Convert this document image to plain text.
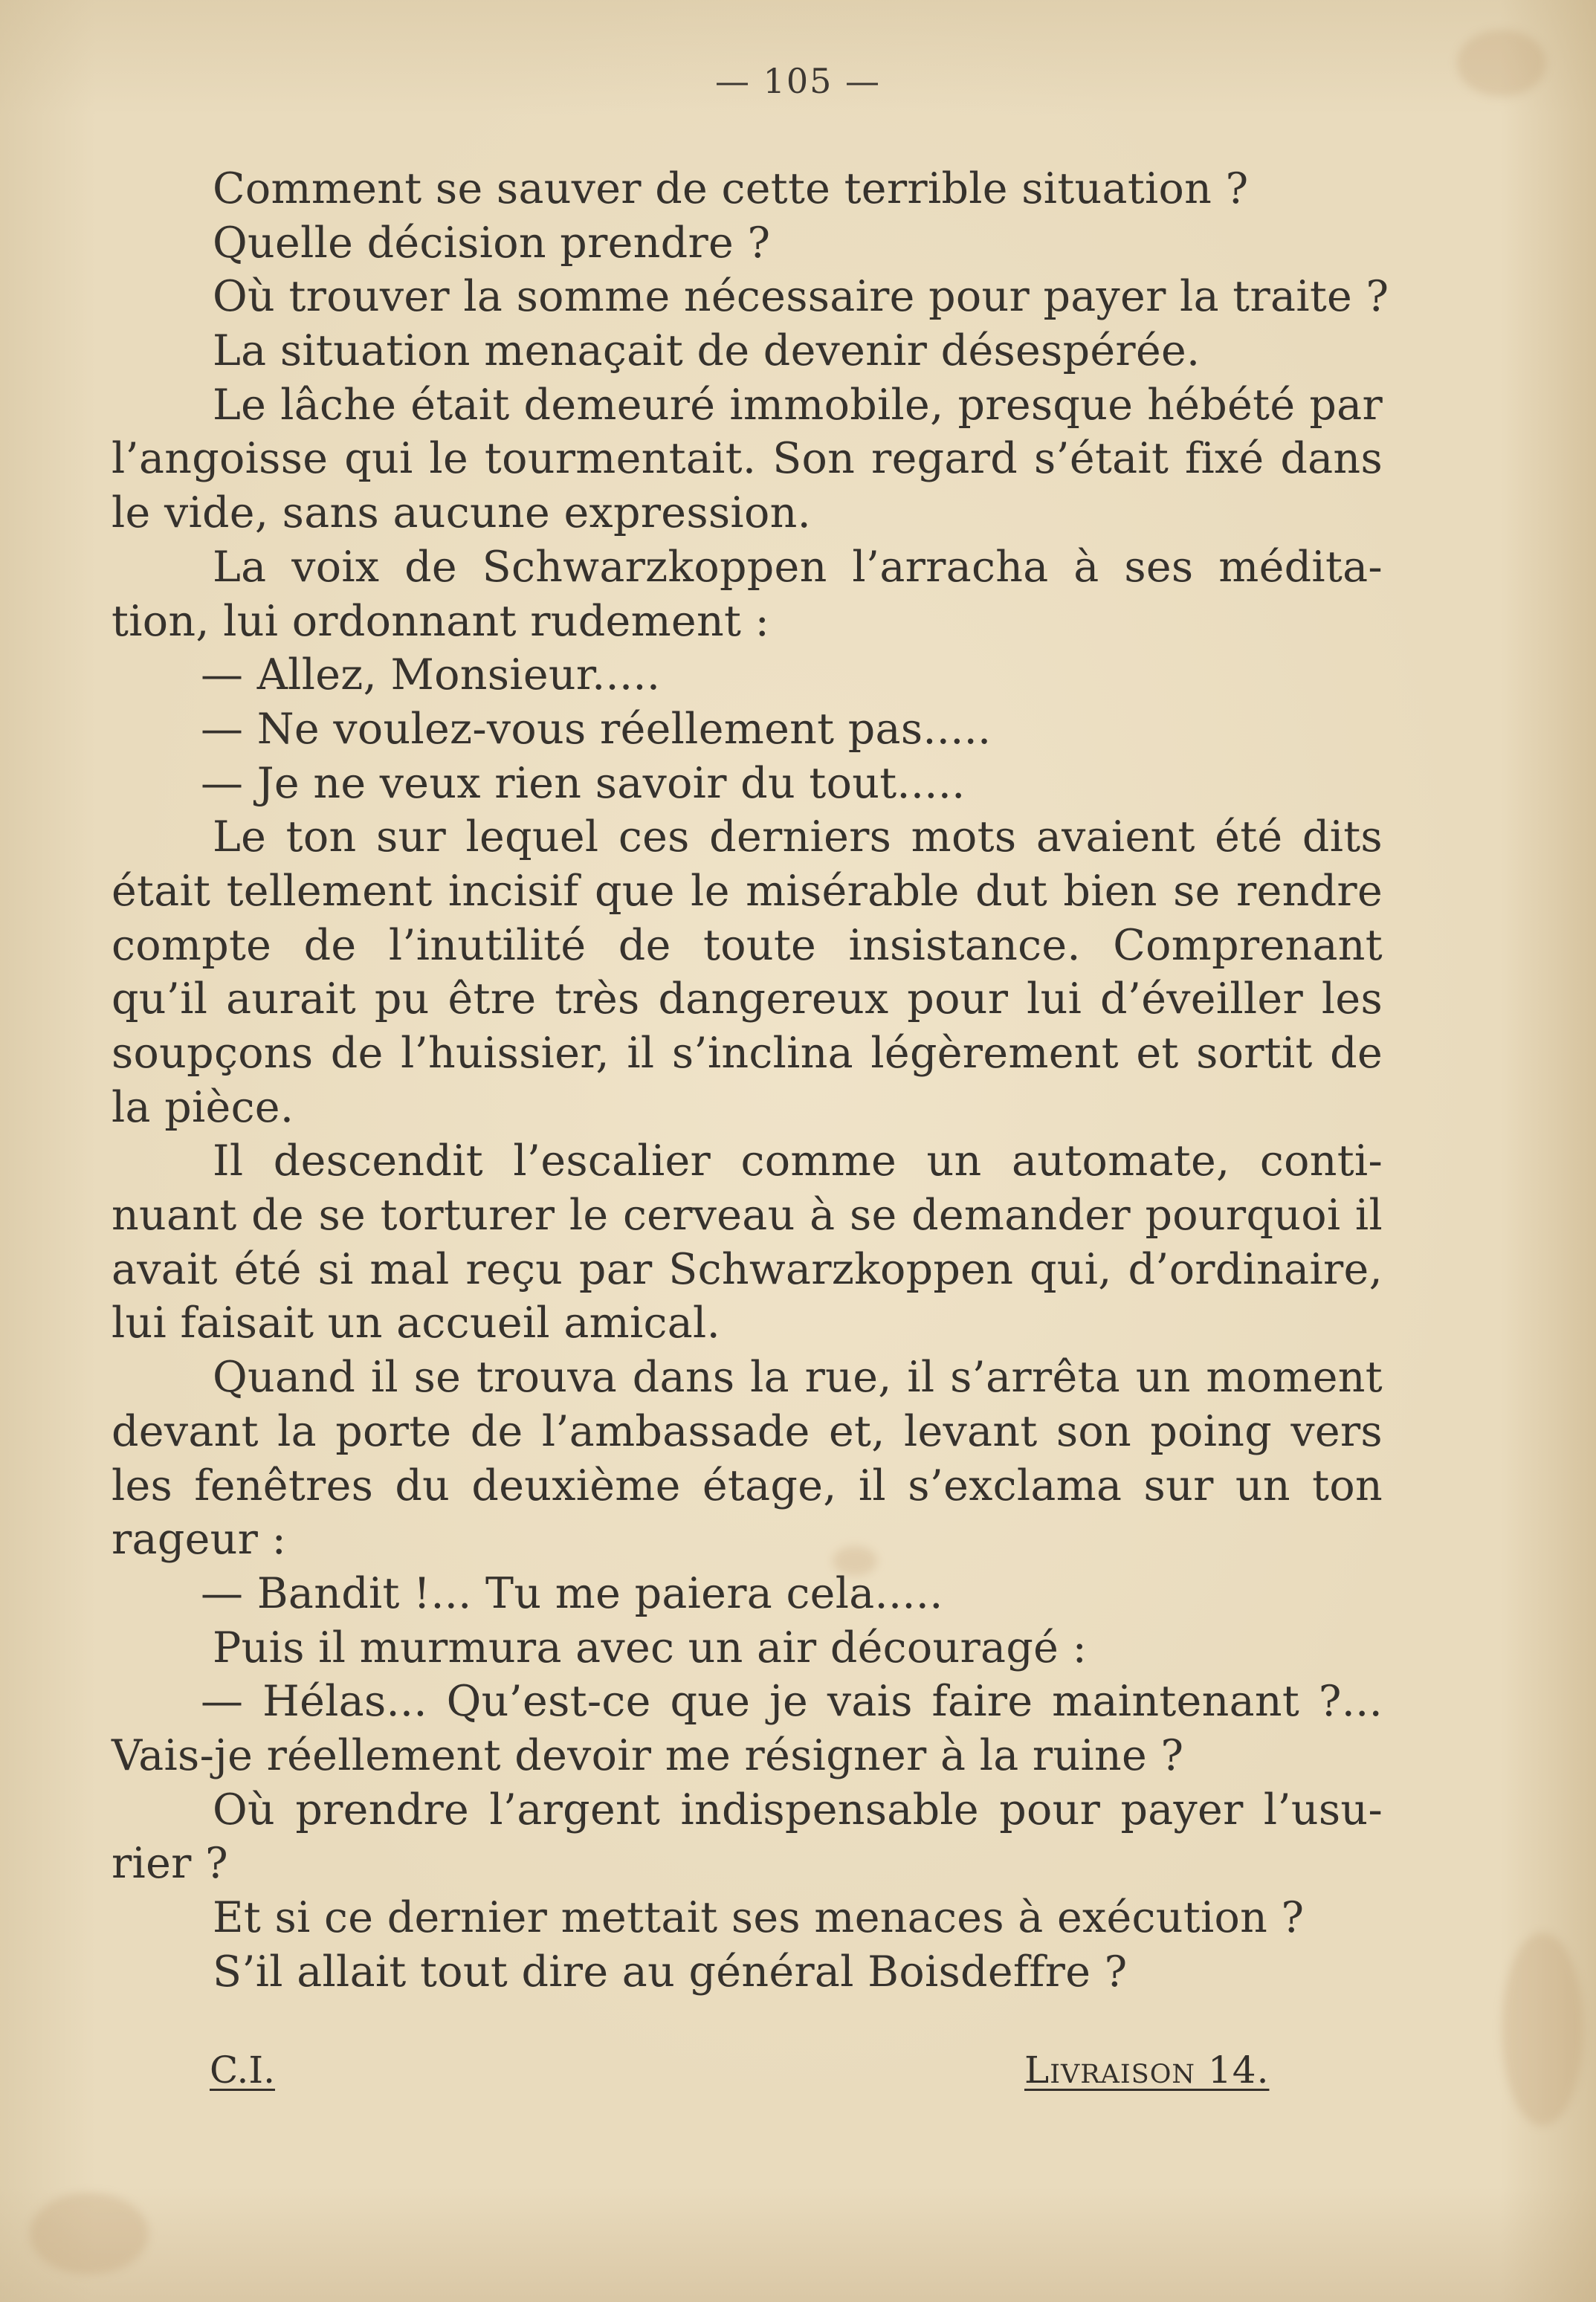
— 105 —
Comment se sauver de cette terrible situation ?
Quelle décision prendre ?
Où trouver la somme nécessaire pour payer la traite ?
La situation menaçait de devenir désespérée.
Le lâche était demeuré immobile, presque hébété par
l’angoisse qui le tourmentait. Son regard s’était fixé dans
le vide, sans aucune expression.
La voix de Schwarzkoppen l’arracha à ses médita-
tion, lui ordonnant rudement :
— Allez, Monsieur.....
— Ne voulez-vous réellement pas.....
— Je ne veux rien savoir du tout.....
Le ton sur lequel ces derniers mots avaient été dits
était tellement incisif que le misérable dut bien se rendre
compte de l’inutilité de toute insistance. Comprenant
qu’il aurait pu être très dangereux pour lui d’éveiller les
soupçons de l’huissier, il s’inclina légèrement et sortit de
la pièce.
Il descendit l’escalier comme un automate, conti-
nuant de se torturer le cerveau à se demander pourquoi il
avait été si mal reçu par Schwarzkoppen qui, d’ordinaire,
lui faisait un accueil amical.
Quand il se trouva dans la rue, il s’arrêta un moment
devant la porte de l’ambassade et, levant son poing vers
les fenêtres du deuxième étage, il s’exclama sur un ton
rageur :
— Bandit !... Tu me paiera cela.....
Puis il murmura avec un air découragé :
— Hélas... Qu’est-ce que je vais faire maintenant ?...
Vais-je réellement devoir me résigner à la ruine ?
Où prendre l’argent indispensable pour payer l’usu-
rier ?
Et si ce dernier mettait ses menaces à exécution ?
S’il allait tout dire au général Boisdeffre ?
C.I.	Livraison 14.
